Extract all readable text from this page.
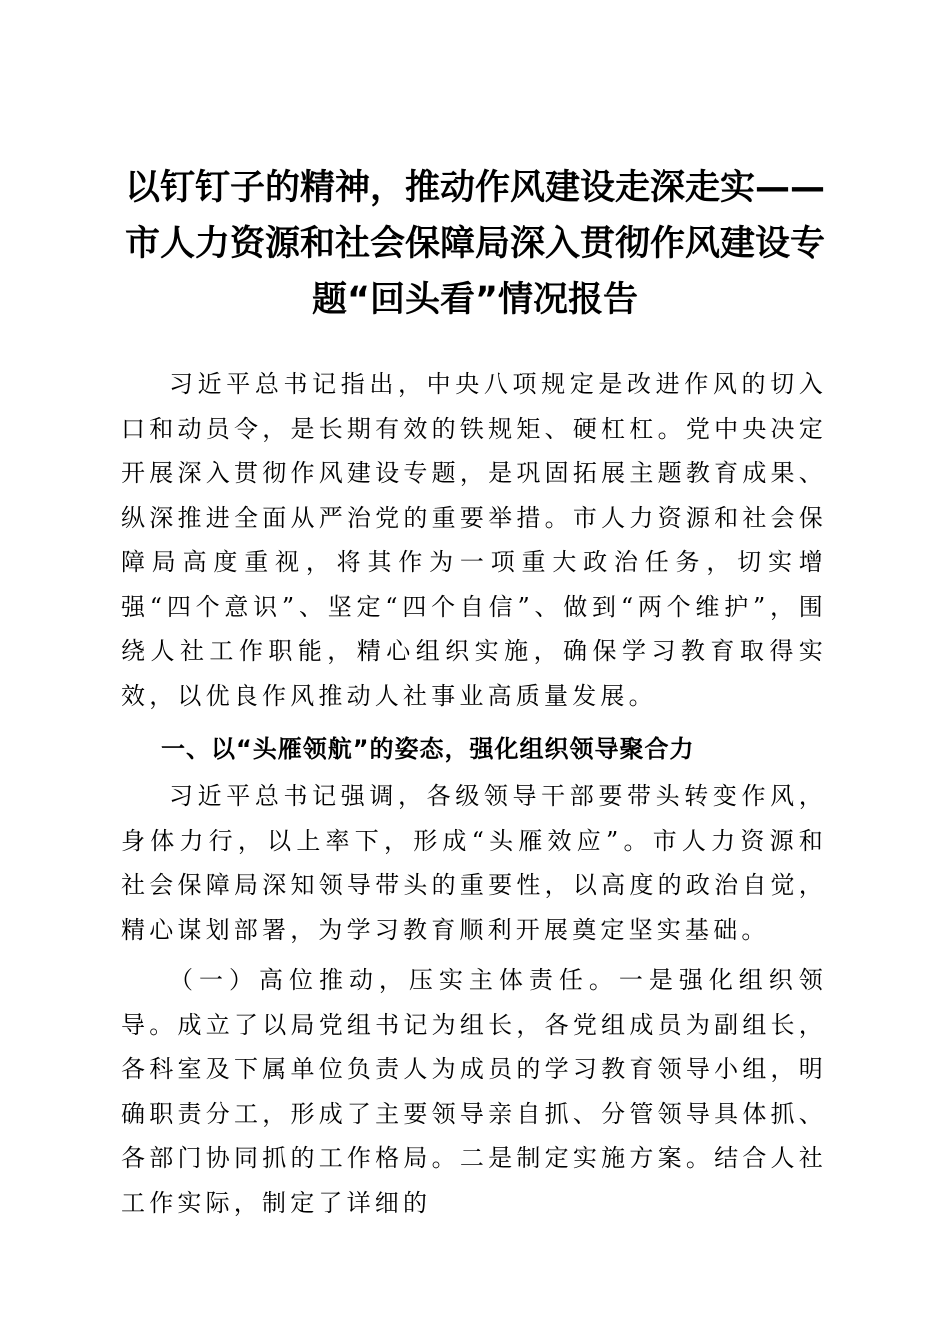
以钉钉子的精神，推动作风建设走深走实——
市人力资源和社会保障局深入贯彻作风建设专
题“回头看”情况报告

习近平总书记指出，中央八项规定是改进作风的切入口和动员令，是长期有效的铁规矩、硬杠杠。党中央决定开展深入贯彻作风建设专题，是巩固拓展主题教育成果、纵深推进全面从严治党的重要举措。市人力资源和社会保障局高度重视，将其作为一项重大政治任务，切实增强“四个意识”、坚定“四个自信”、做到“两个维护”，围绕人社工作职能，精心组织实施，确保学习教育取得实效，以优良作风推动人社事业高质量发展。

一、以“头雁领航”的姿态，强化组织领导聚合力

习近平总书记强调，各级领导干部要带头转变作风，身体力行，以上率下，形成“头雁效应”。市人力资源和社会保障局深知领导带头的重要性，以高度的政治自觉，精心谋划部署，为学习教育顺利开展奠定坚实基础。

（一）高位推动，压实主体责任。一是强化组织领导。成立了以局党组书记为组长，各党组成员为副组长，各科室及下属单位负责人为成员的学习教育领导小组，明确职责分工，形成了主要领导亲自抓、分管领导具体抓、各部门协同抓的工作格局。二是制定实施方案。结合人社工作实际，制定了详细的
